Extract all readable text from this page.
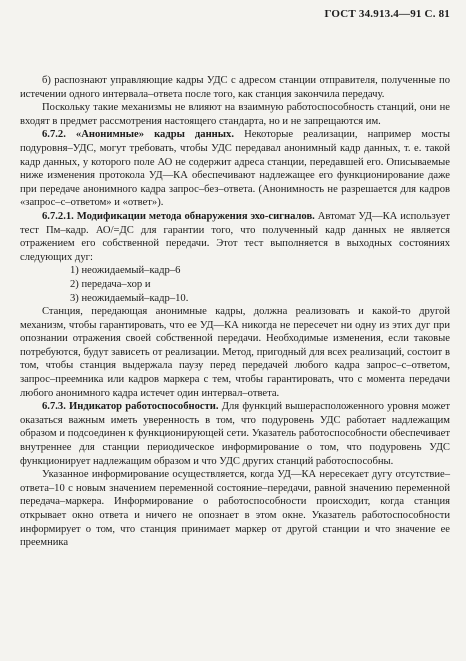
ГОСТ 34.913.4—91 С. 81

б) распознают управляющие кадры УДС с адресом станции отправителя, полученные по истечении одного интервала–ответа после того, как станция закончила передачу.

Поскольку такие механизмы не влияют на взаимную работоспособность станций, они не входят в предмет рассмотрения настоящего стандарта, но и не запрещаются им.

6.7.2. «Анонимные» кадры данных. Некоторые реализации, например мосты подуровня–УДС, могут требовать, чтобы УДС передавал анонимный кадр данных, т. е. такой кадр данных, у которого поле АО не содержит адреса станции, передавшей его. Описываемые ниже изменения протокола УД—КА обеспечивают надлежащее его функционирование даже при передаче анонимного кадра запрос–без–ответа. (Анонимность не разрешается для кадров «запрос–с–ответом» и «ответ»).

6.7.2.1. Модификации метода обнаружения эхо-сигналов. Автомат УД—КА использует тест Пм–кадр. АО/=ДС для гарантии того, что полученный кадр данных не является отражением его собственной передачи. Этот тест выполняется в выходных состояниях следующих дуг:

1) неожидаемый–кадр–6
2) передача–хор и
3) неожидаемый–кадр–10.

Станция, передающая анонимные кадры, должна реализовать и какой-то другой механизм, чтобы гарантировать, что ее УД—КА никогда не пересечет ни одну из этих дуг при опознании отражения своей собственной передачи. Необходимые изменения, если таковые потребуются, будут зависеть от реализации. Метод, пригодный для всех реализаций, состоит в том, чтобы станция выдержала паузу перед передачей любого кадра запрос–с–ответом, запрос–преемника или кадров маркера с тем, чтобы гарантировать, что с момента передачи любого анонимного кадра истечет один интервал–ответа.

6.7.3. Индикатор работоспособности. Для функций вышерасположенного уровня может оказаться важным иметь уверенность в том, что подуровень УДС работает надлежащим образом и подсоединен к функционирующей сети. Указатель работоспособности обеспечивает внутреннее для станции периодическое информирование о том, что подуровень УДС функционирует надлежащим образом и что УДС других станций работоспособны.

Указанное информирование осуществляется, когда УД—КА нересекает дугу отсутствие–ответа–10 с новым значением переменной состояние–передачи, равной значению переменной передача–маркера. Информирование о работоспособности происходит, когда станция открывает окно ответа и ничего не опознает в этом окне. Указатель работоспособности информирует о том, что станция принимает маркер от другой станции и что значение ее преемника
